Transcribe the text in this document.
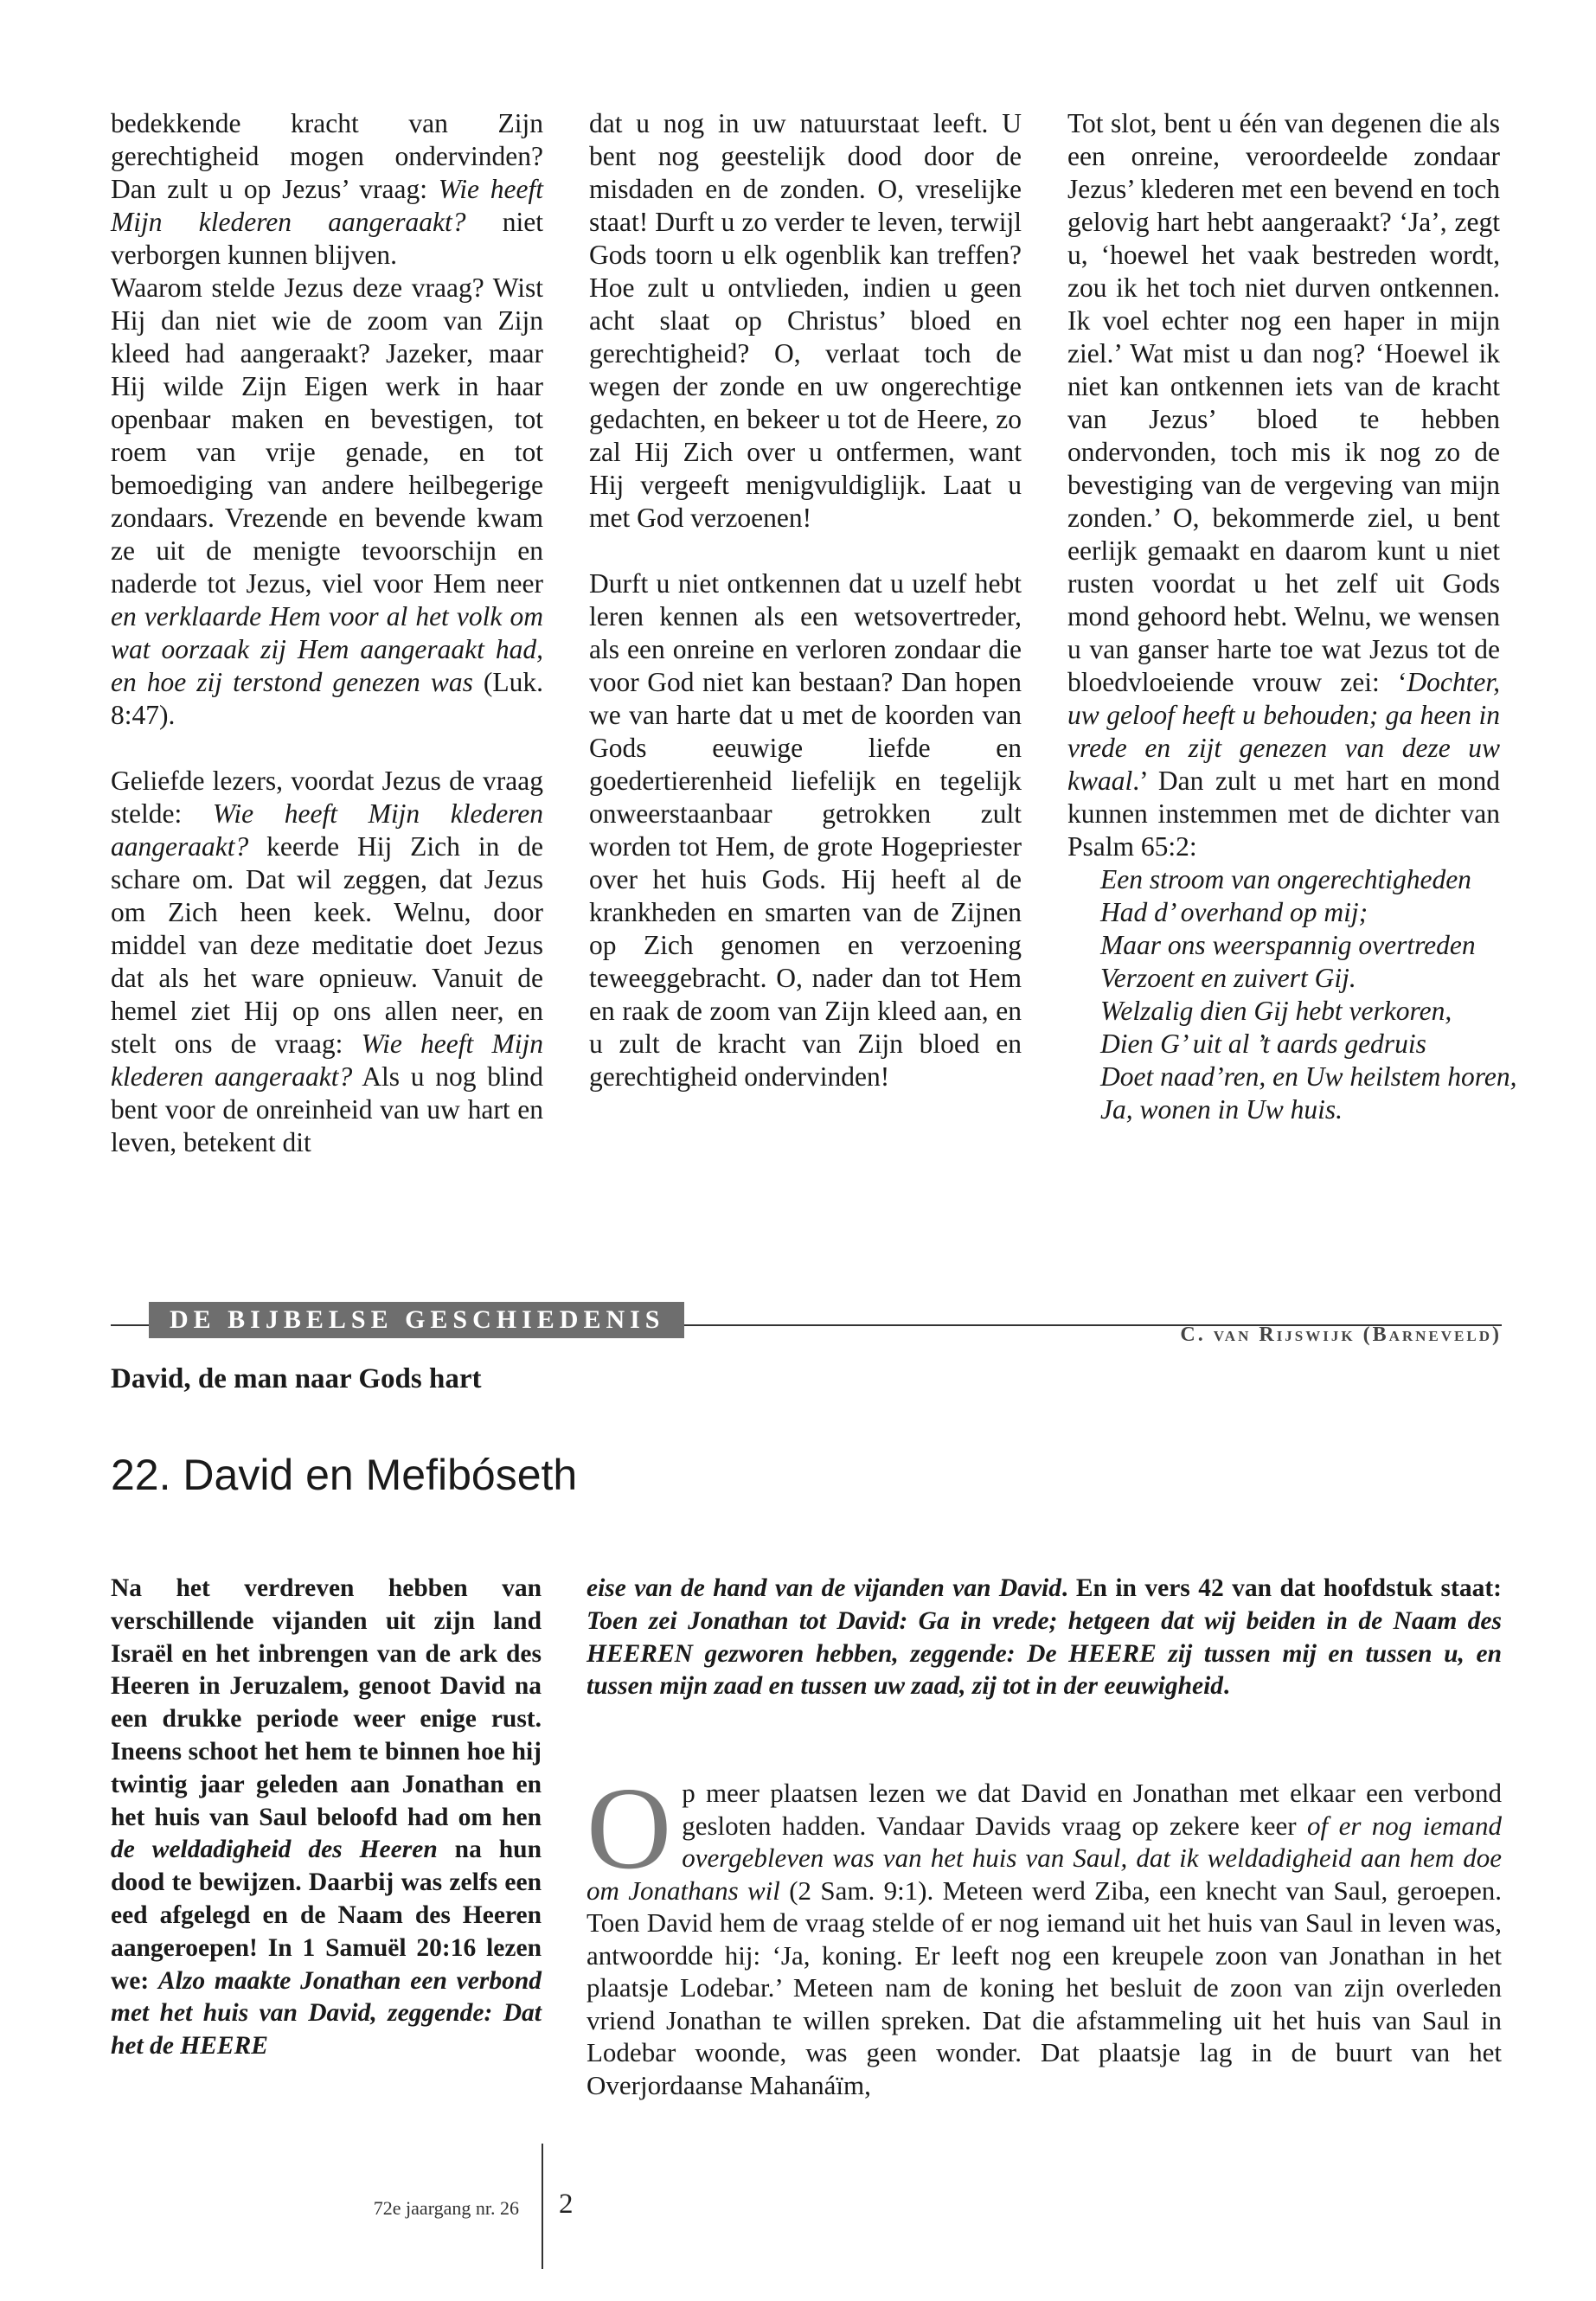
bedekkende kracht van Zijn gerechtigheid mogen ondervinden? Dan zult u op Jezus’ vraag: Wie heeft Mijn klederen aangeraakt? niet verborgen kunnen blijven.
Waarom stelde Jezus deze vraag? Wist Hij dan niet wie de zoom van Zijn kleed had aangeraakt? Jazeker, maar Hij wilde Zijn Eigen werk in haar openbaar maken en bevestigen, tot roem van vrije genade, en tot bemoediging van andere heilbegerige zondaars. Vrezende en bevende kwam ze uit de menigte tevoorschijn en naderde tot Jezus, viel voor Hem neer en verklaarde Hem voor al het volk om wat oorzaak zij Hem aangeraakt had, en hoe zij terstond genezen was (Luk. 8:47).

Geliefde lezers, voordat Jezus de vraag stelde: Wie heeft Mijn klederen aangeraakt? keerde Hij Zich in de schare om. Dat wil zeggen, dat Jezus om Zich heen keek. Welnu, door middel van deze meditatie doet Jezus dat als het ware opnieuw. Vanuit de hemel ziet Hij op ons allen neer, en stelt ons de vraag: Wie heeft Mijn klederen aangeraakt? Als u nog blind bent voor de onreinheid van uw hart en leven, betekent dit

dat u nog in uw natuurstaat leeft. U bent nog geestelijk dood door de misdaden en de zonden. O, vreselijke staat! Durft u zo verder te leven, terwijl Gods toorn u elk ogenblik kan treffen? Hoe zult u ontvlieden, indien u geen acht slaat op Christus’ bloed en gerechtigheid? O, verlaat toch de wegen der zonde en uw ongerechtige gedachten, en bekeer u tot de Heere, zo zal Hij Zich over u ontfermen, want Hij vergeeft menigvuldiglijk. Laat u met God verzoenen!

Durft u niet ontkennen dat u uzelf hebt leren kennen als een wetsovertreder, als een onreine en verloren zondaar die voor God niet kan bestaan? Dan hopen we van harte dat u met de koorden van Gods eeuwige liefde en goedertierenheid liefelijk en tegelijk onweerstaanbaar getrokken zult worden tot Hem, de grote Hogepriester over het huis Gods. Hij heeft al de krankheden en smarten van de Zijnen op Zich genomen en verzoening teweeggebracht. O, nader dan tot Hem en raak de zoom van Zijn kleed aan, en u zult de kracht van Zijn bloed en gerechtigheid ondervinden!

Tot slot, bent u één van degenen die als een onreine, veroordeelde zondaar Jezus’ klederen met een bevend en toch gelovig hart hebt aangeraakt? ‘Ja’, zegt u, ‘hoewel het vaak bestreden wordt, zou ik het toch niet durven ontkennen. Ik voel echter nog een haper in mijn ziel.’ Wat mist u dan nog? ‘Hoewel ik niet kan ontkennen iets van de kracht van Jezus’ bloed te hebben ondervonden, toch mis ik nog zo de bevestiging van de vergeving van mijn zonden.’ O, bekommerde ziel, u bent eerlijk gemaakt en daarom kunt u niet rusten voordat u het zelf uit Gods mond gehoord hebt. Welnu, we wensen u van ganser harte toe wat Jezus tot de bloedvloeiende vrouw zei: ‘Dochter, uw geloof heeft u behouden; ga heen in vrede en zijt genezen van deze uw kwaal.’ Dan zult u met hart en mond kunnen instemmen met de dichter van Psalm 65:2:

Een stroom van ongerechtigheden
Had d’ overhand op mij;
Maar ons weerspannig overtreden
Verzoent en zuivert Gij.
Welzalig dien Gij hebt verkoren,
Dien G’ uit al ’t aards gedruis
Doet naad’ren, en Uw heilstem horen,
Ja, wonen in Uw huis.
DE BIJBELSE GESCHIEDENIS
C. van Rijswijk (Barneveld)
David, de man naar Gods hart
22. David en Mefibóseth
Na het verdreven hebben van verschillende vijanden uit zijn land Israël en het inbrengen van de ark des Heeren in Jeruzalem, genoot David na een drukke periode weer enige rust. Ineens schoot het hem te binnen hoe hij twintig jaar geleden aan Jonathan en het huis van Saul beloofd had om hen de weldadigheid des Heeren na hun dood te bewijzen. Daarbij was zelfs een eed afgelegd en de Naam des Heeren aangeroepen! In 1 Samuël 20:16 lezen we: Alzo maakte Jonathan een verbond met het huis van David, zeggende: Dat het de HEERE
eise van de hand van de vijanden van David. En in vers 42 van dat hoofdstuk staat: Toen zei Jonathan tot David: Ga in vrede; hetgeen dat wij beiden in de Naam des HEEREN gezworen hebben, zeggende: De HEERE zij tussen mij en tussen u, en tussen mijn zaad en tussen uw zaad, zij tot in der eeuwigheid.
Op meer plaatsen lezen we dat David en Jonathan met elkaar een verbond gesloten hadden. Vandaar Davids vraag op zekere keer of er nog iemand overgebleven was van het huis van Saul, dat ik weldadigheid aan hem doe om Jonathans wil (2 Sam. 9:1). Meteen werd Ziba, een knecht van Saul, geroepen. Toen David hem de vraag stelde of er nog iemand uit het huis van Saul in leven was, antwoordde hij: ‘Ja, koning. Er leeft nog een kreupele zoon van Jonathan in het plaatsje Lodebar.’ Meteen nam de koning het besluit de zoon van zijn overleden vriend Jonathan te willen spreken. Dat die afstammeling uit het huis van Saul in Lodebar woonde, was geen wonder. Dat plaatsje lag in de buurt van het Overjordaanse Mahanáïm,
72e jaargang nr. 26 2
